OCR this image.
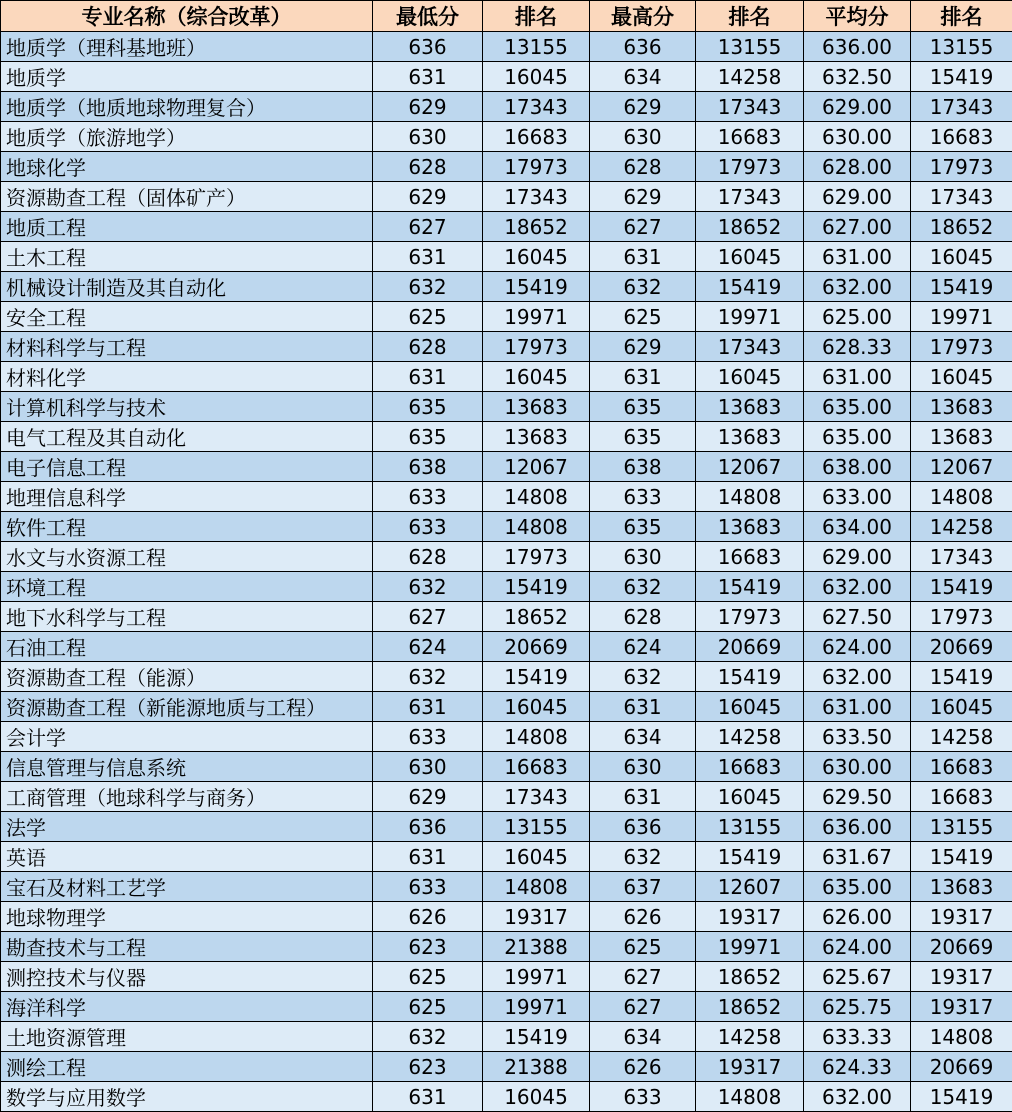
专业名称（综合改革）	最低分	排名	最高分	排名	平均分	排名
地质学（理科基地班）	636	13155	636	13155	636.00	13155
地质学	631	16045	634	14258	632.50	15419
地质学（地质地球物理复合）	629	17343	629	17343	629.00	17343
地质学（旅游地学）	630	16683	630	16683	630.00	16683
地球化学	628	17973	628	17973	628.00	17973
资源勘查工程（固体矿产）	629	17343	629	17343	629.00	17343
地质工程	627	18652	627	18652	627.00	18652
土木工程	631	16045	631	16045	631.00	16045
机械设计制造及其自动化	632	15419	632	15419	632.00	15419
安全工程	625	19971	625	19971	625.00	19971
材料科学与工程	628	17973	629	17343	628.33	17973
材料化学	631	16045	631	16045	631.00	16045
计算机科学与技术	635	13683	635	13683	635.00	13683
电气工程及其自动化	635	13683	635	13683	635.00	13683
电子信息工程	638	12067	638	12067	638.00	12067
地理信息科学	633	14808	633	14808	633.00	14808
软件工程	633	14808	635	13683	634.00	14258
水文与水资源工程	628	17973	630	16683	629.00	17343
环境工程	632	15419	632	15419	632.00	15419
地下水科学与工程	627	18652	628	17973	627.50	17973
石油工程	624	20669	624	20669	624.00	20669
资源勘查工程（能源）	632	15419	632	15419	632.00	15419
资源勘查工程（新能源地质与工程）	631	16045	631	16045	631.00	16045
会计学	633	14808	634	14258	633.50	14258
信息管理与信息系统	630	16683	630	16683	630.00	16683
工商管理（地球科学与商务）	629	17343	631	16045	629.50	16683
法学	636	13155	636	13155	636.00	13155
英语	631	16045	632	15419	631.67	15419
宝石及材料工艺学	633	14808	637	12607	635.00	13683
地球物理学	626	19317	626	19317	626.00	19317
勘查技术与工程	623	21388	625	19971	624.00	20669
测控技术与仪器	625	19971	627	18652	625.67	19317
海洋科学	625	19971	627	18652	625.75	19317
土地资源管理	632	15419	634	14258	633.33	14808
测绘工程	623	21388	626	19317	624.33	20669
数学与应用数学	631	16045	633	14808	632.00	15419
